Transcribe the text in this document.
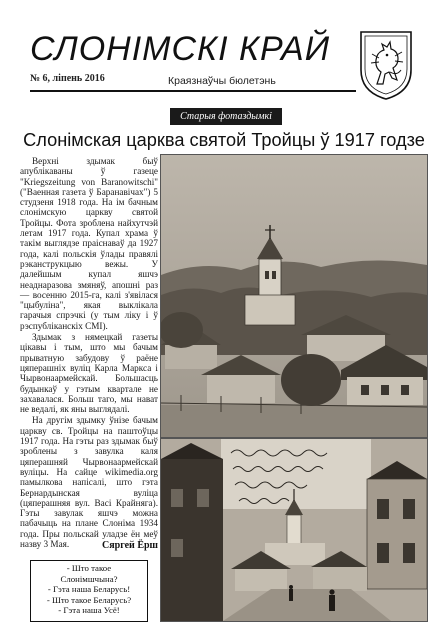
СЛОНІМСКІ КРАЙ
№ 6, ліпень 2016	Краязнаўчы бюлетэнь
Старыя фотаздымкі
Слонімская царква святой Тройцы ў 1917 годзе

Верхні здымак быў апублікаваны ў газеце "Kriegszeitung von Baranowitschi" ("Ваенная газета ў Баранавічах") 5 студзеня 1918 года. На ім бачным слонімскую царкву святой Тройцы. Фота зроблена найхутчэй летам 1917 года. Купал храма ў такім выглядзе праіснаваў да 1927 года, калі польскія ўлады правялі рэканструкцыю вежы. У далейшым купал яшчэ неаднаразова змяняў, апошні раз — восенню 2015-га, калі з'явілася "цыбуліна", якая выклікала гарачыя спрэчкі (у тым ліку і ў рэспубліканскіх СМІ).

Здымак з нямецкай газеты цікавы і тым, што мы бачым прыватную забудову ў раёне цяперашніх вуліц Карла Маркса і Чырвонаармейскай. Большасць будынкаў у гэтым квартале не захавалася. Больш таго, мы нават не ведалі, як яны выглядалі.

На другім здымку ўнізе бачым царкву св. Тройцы на паштоўцы 1917 года. На гэты раз здымак быў зроблены з завулка каля цяперашняй Чырвонаармейскай вуліцы. На сайце wikimedia.org памылкова напісалі, што гэта Бернардынская вуліца (цяперашняя вул. Васі Крайняга). Гэты завулак яшчэ можна пабачыць на плане Слоніма 1934 года. Пры польскай уладзе ён меў назву 3 Мая.	Сяргей Ёрш
- Што такое
Слонімшчына?
- Гэта наша Беларусь!
- Што такое Беларусь?
- Гэта наша Усё!
